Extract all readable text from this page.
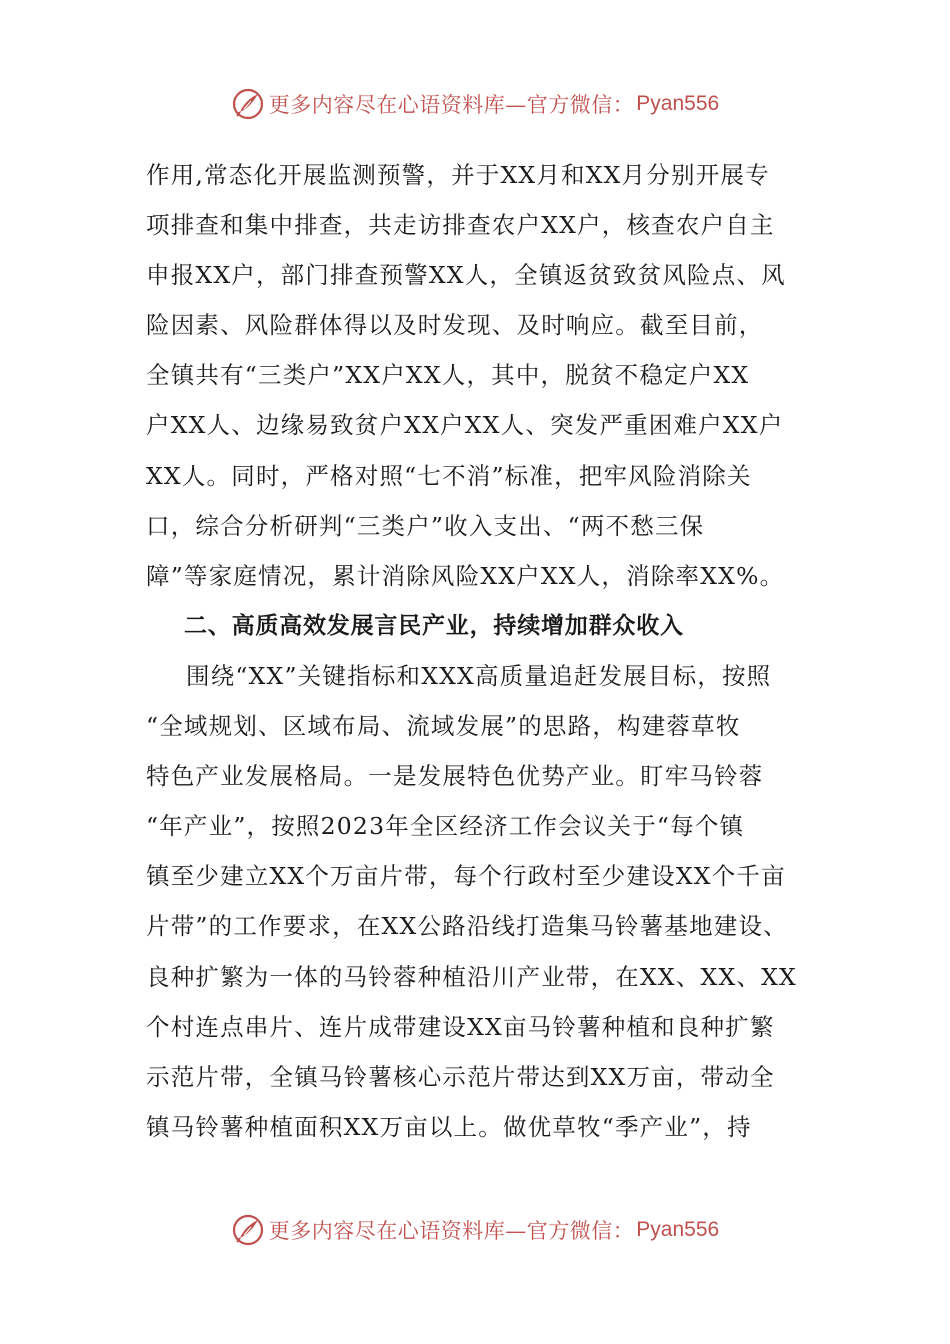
更多内容尽在心语资料库—官方微信： Pyan556
作用,常态化开展监测预警，并于XX月和XX月分别开展专
项排查和集中排查，共走访排查农户XX户，核查农户自主
申报XX户，部门排查预警XX人，全镇返贫致贫风险点、风
险因素、风险群体得以及时发现、及时响应。截至目前，
全镇共有“三类户”XX户XX人，其中，脱贫不稳定户XX
户XX人、边缘易致贫户XX户XX人、突发严重困难户XX户
XX人。同时，严格对照“七不消”标准，把牢风险消除关
口，综合分析研判“三类户”收入支出、“两不愁三保
障”等家庭情况，累计消除风险XX户XX人，消除率XX%。
二、高质高效发展言民产业，持续增加群众收入
围绕“XX”关键指标和XXX高质量追赶发展目标，按照
“全域规划、区域布局、流域发展”的思路，构建蓉草牧
特色产业发展格局。一是发展特色优势产业。盯牢马铃蓉
“年产业”，按照2023年全区经济工作会议关于“每个镇
镇至少建立XX个万亩片带，每个行政村至少建设XX个千亩
片带”的工作要求，在XX公路沿线打造集马铃薯基地建设、
良种扩繁为一体的马铃蓉种植沿川产业带，在XX、XX、XX
个村连点串片、连片成带建设XX亩马铃薯种植和良种扩繁
示范片带，全镇马铃薯核心示范片带达到XX万亩，带动全
镇马铃薯种植面积XX万亩以上。做优草牧“季产业”，持
更多内容尽在心语资料库—官方微信： Pyan556
